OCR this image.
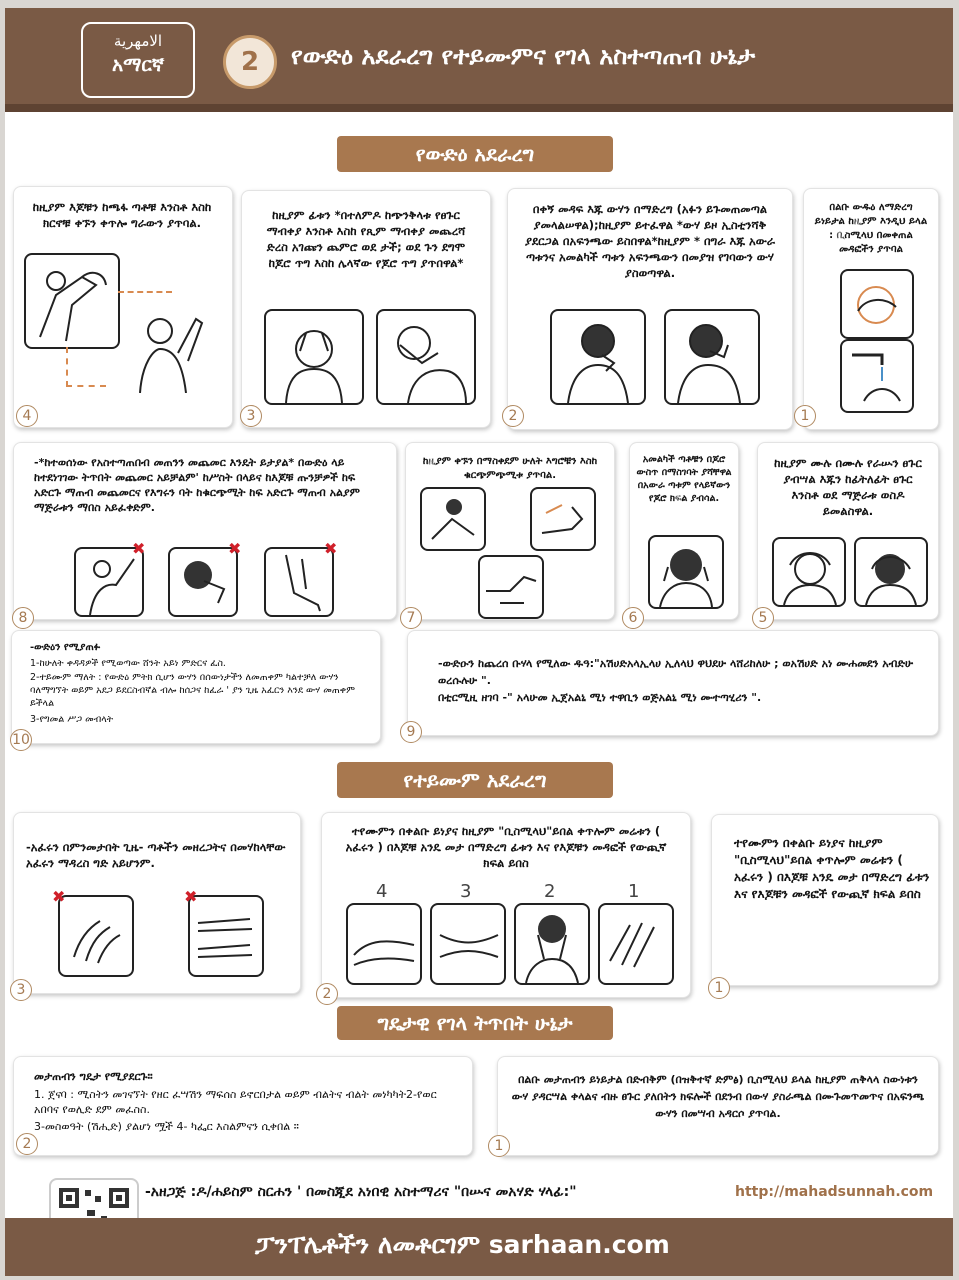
الامهرية
አማርኛ	2	የውድዕ አደራረግ የተይሙምና የገላ አስተጣጠብ ሁኔታ
የውድዕ አደራረግ
ከዚያም እጆቹን ከጫፋ ጣቶቹ እንስቶ እስከ ክርኖቹ ቀኙን ቀጥሎ ግራውን ያጥባል.
4
ከዚያም ፊቱን *በተለምዶ ከጭንቅላቱ የፀጉር ማብቀያ እንስቶ እስከ የጺም ማብቀያ መጨረሻ ድረስ አገጩን ጨምሮ ወደ ታች; ወደ ጉን ደግሞ ከጆሮ ጥግ እስከ ሌላኛው የጆሮ ጥግ ያጥበዋል*
3
በቀኝ መዳፍ እጁ ውሃን በማድረግ (አፉን ይጉመጠመጣል ያመላልሠዋል);ከዚያም ይተፈዋል *ውሃ ይዞ ኢስቲንሻቅ ያደርጋል በአፍንጫው ይስበዋል*ከዚያም * በግራ እጁ አውራ ጣቱንና አመልካች ጣቱን አፍንጫውን በመያዝ የገባውን ውሃ ያስወጣዋል.
2
በልቡ ውዱዕ ለማድረግ ይነይታል ከዚያም እንዲህ ይላል : ቢስሚላህ በመቀጠል መዳፎችን ያጥባል
1
-*ከተወሰነው የአስተጣጠበብ መጠንን መጨመር እንዴት ይታያል* በውድዕ ላይ ከተደነገገው ትጥበት መጨመር አይቻልም' ከሥስት በላይና ከእጆቹ ጡንቻዎች ከፍ አድርጉ ማጠብ መጨመርና የእግሩን ባት ከቁርጭሚት ከፍ አድርጉ ማጠብ አልያም ማጅራቱን ማበስ አይፈቀድም.
✖	✖	✖
8
ከዚያም ቀኙን በማስቀደም ሁለት እግሮቹን እስከ ቁርጭምጭሚቱ ያጥባል.
7
አመልካች ጣቶቹን በጆሮ ውስጥ በማስገባት ያሻቸዋል በአውራ ጣቱም የላይኛውን የጆሮ ክፍል ያብሳል.
6
ከዚያም ሙሉ በሙሉ የራሡን ፀጉር ያብሣል እጁን ከፊትለፊት ፀጉር እንስቶ ወደ ማጅራቱ ወስዶ ይመልስዋል.
5
-ውድዕን የሚያጠፉ
1-ከሁለት ቀዳዳዎች የሚወጣው ሸንት አይነ ምድርና ፈስ.
2-ተይሙም ማለት : የውድዕ ምትክ ሲሆን ውሃን በሰውነታችን ለመጠቀም ካልተቻለ ውሃን ባለማግኘት ወይም አደጋ ይደርስብኛል ብሎ ከሰጋና ከፈራ ' ያን ጊዜ አፈርን እንደ ውሃ መጠቀም ይችላል
3-የግመል ሥጋ መብላት
10
-ውድዑን ከጨረሰ ቡሃላ የሚለው ዱዓ:"አሽሀድአላኢላሀ ኢለላህ ዋህደሁ ላሸሪከለሁ ; ወአሽሀድ አነ ሙሐመደን አብድሁ ወረሱሉሁ ".
በቲርሚዚ ዘገባ -" አላሁመ ኢጀአልኒ ሚነ ተዋቢን ወጅአልኒ ሚነ ሙተጣሂሪን ".
9
የተይሙም አደራረግ
-አፈሩን በምንመታበት ጊዜ- ጣቶችን መዘረጋትና በመሃከላቸው አፈሩን ማዳረስ ግድ አይሆንም.
✖	✖
3
ተየሙምን በቀልቡ ይነያና ከዚያም "ቢስሚላህ"ይበል ቀጥሎም መሬቱን ( አፈሩን ) በእጆቹ አንዴ መታ በማድረግ ፊቱን እና የእጆቹን መዳፎች የውጪኛ ክፍል ይበስ
4	3	2	1
2
ተየሙምን በቀልቡ ይነያና ከዚያም "ቢስሚላህ"ይበል ቀጥሎም መሬቱን ( አፈሩን ) በእጆቹ አንዴ መታ በማድረግ ፊቱን እና የእጆቹን መዳፎች የውጪኛ ክፍል ይበስ
1
ግዴታዊ የገላ ትጥበት ሁኔታ
መታጠብን ግዴታ የሚያደርጉ።
1. ጀናባ : ሚስትን መገናኘት የዘር ፈሣሽን ማፍሰስ ይኖርበታል ወይም ብልትና ብልት መነካካት2-የወር አበባና የወሊድ ደም መፈስስ.
3-መስወዓት (ሽሒድ) ያልሆነ ሟች 4- ካፌር እስልምናን ሲቀበል ።
2
በልቡ መታጠብን ይነይታል በድብቅም (በዝቅተኛ ድምፅ) ቢስሚላህ ይላል ከዚያም ጠቅላላ ስውነቱን ውሃ ያዳርሣል ቀላልና ብዙ ፀጉር ያለበትን ክፍሎች በደንብ በውሃ ያስራጫል በሙጉመጥመጥና በአፍንጫ ውሃን በመሣብ አዳርሶ ያጥባል.
1
-አዘጋጅ :ዶ/ሐይስም ስርሐን ' በመስጂደ አነበዊ አስተማሪና "በሡና መአሃድ ሃላፊ:"	http://mahadsunnah.com
ፓንፐሌቶችን ለመቶርገም sarhaan.com
